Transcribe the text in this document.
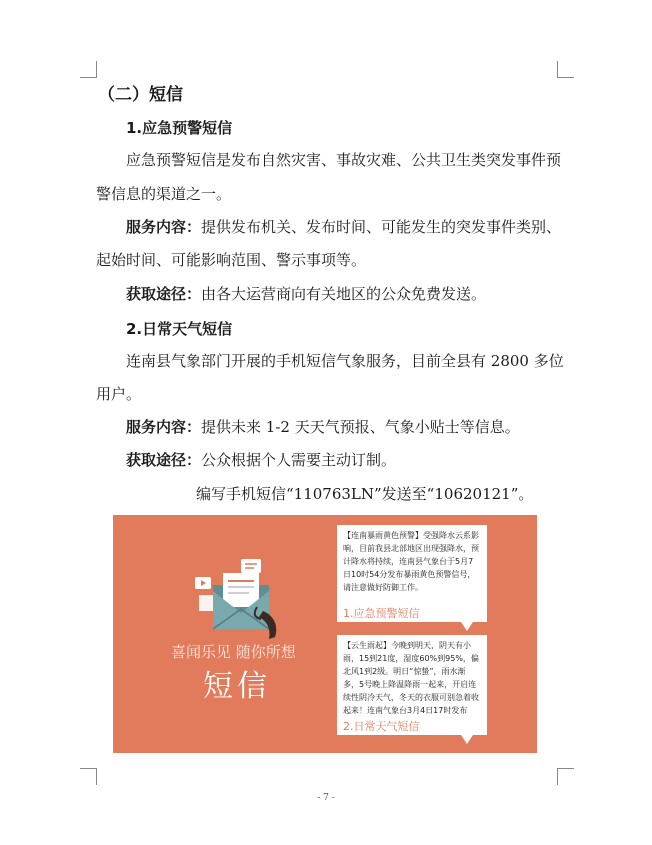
（二）短信
1.应急预警短信
应急预警短信是发布自然灾害、事故灾难、公共卫生类突发事件预
警信息的渠道之一。
服务内容：提供发布机关、发布时间、可能发生的突发事件类别、
起始时间、可能影响范围、警示事项等。
获取途径：由各大运营商向有关地区的公众免费发送。
2.日常天气短信
连南县气象部门开展的手机短信气象服务，目前全县有 2800 多位
用户。
服务内容：提供未来 1-2 天天气预报、气象小贴士等信息。
获取途径：公众根据个人需要主动订制。
编写手机短信“110763LN”发送至“10620121”。
喜闻乐见 随你所想
短信
【连南暴雨黄色预警】受强降水云系影响，目前我县北部地区出现强降水，预计降水将持续，连南县气象台于5月7日10时54分发布暴雨黄色预警信号，请注意做好防御工作。
1.应急预警短信
【云生雨起】今晚到明天，阴天有小雨，15到21度，湿度60%到95%，偏北风1到2级。明日“惊蛰”，雨水渐多，5号晚上降温降雨一起来，开启连续性阴冷天气，冬天的衣服可别急着收起来！连南气象台3月4日17时发布
2.日常天气短信
- 7 -
